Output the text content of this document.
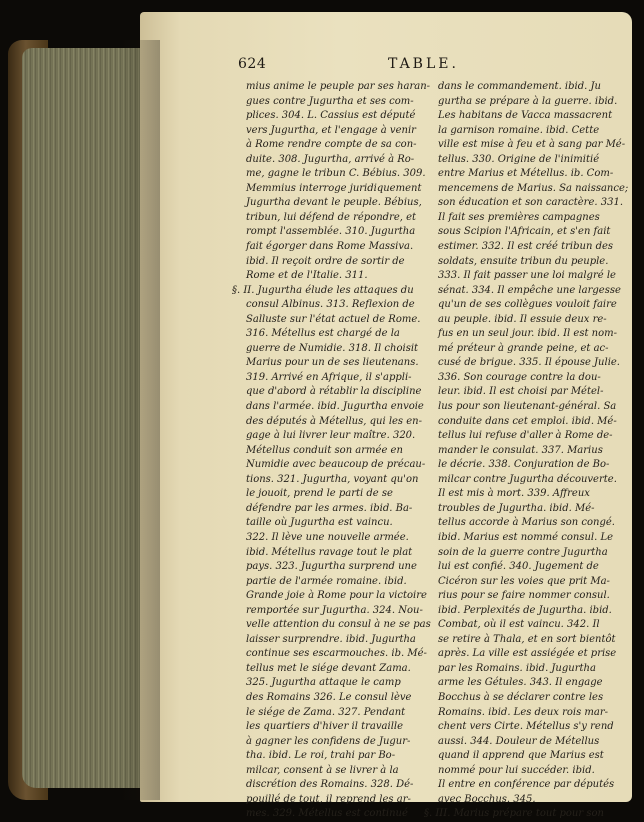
624	TABLE.
mius anime le peuple par ses haran-
gues contre Jugurtha et ses com-
plices. 304. L. Cassius est député
vers Jugurtha, et l'engage à venir
à Rome rendre compte de sa con-
duite. 308. Jugurtha, arrivé à Ro-
me, gagne le tribun C. Bébius. 309.
Memmius interroge juridiquement
Jugurtha devant le peuple. Bébius,
tribun, lui défend de répondre, et
rompt l'assemblée. 310. Jugurtha
fait égorger dans Rome Massiva.
ibid. Il reçoit ordre de sortir de
Rome et de l'Italie. 311.
§. II. Jugurtha élude les attaques du
consul Albinus. 313. Reflexion de
Salluste sur l'état actuel de Rome.
316. Métellus est chargé de la
guerre de Numidie. 318. Il choisit
Marius pour un de ses lieutenans.
319. Arrivé en Afrique, il s'appli-
que d'abord à rétablir la discipline
dans l'armée. ibid. Jugurtha envoie
des députés à Métellus, qui les en-
gage à lui livrer leur maître. 320.
Métellus conduit son armée en
Numidie avec beaucoup de précau-
tions. 321. Jugurtha, voyant qu'on
le jouoit, prend le parti de se
défendre par les armes. ibid. Ba-
taille où Jugurtha est vaincu.
322. Il lève une nouvelle armée.
ibid. Métellus ravage tout le plat
pays. 323. Jugurtha surprend une
partie de l'armée romaine. ibid.
Grande joie à Rome pour la victoire
remportée sur Jugurtha. 324. Nou-
velle attention du consul à ne se pas
laisser surprendre. ibid. Jugurtha
continue ses escarmouches. ib. Mé-
tellus met le siége devant Zama.
325. Jugurtha attaque le camp
des Romains 326. Le consul lève
le siége de Zama. 327. Pendant
les quartiers d'hiver il travaille
à gagner les confidens de Jugur-
tha. ibid. Le roi, trahi par Bo-
milcar, consent à se livrer à la
discrétion des Romains. 328. Dé-
pouillé de tout, il reprend les ar-
mes. 329. Métellus est continué
dans le commandement. ibid. Ju
gurtha se prépare à la guerre. ibid.
Les habitans de Vacca massacrent
la garnison romaine. ibid. Cette
ville est mise à feu et à sang par Mé-
tellus. 330. Origine de l'inimitié
entre Marius et Métellus. ib. Com-
mencemens de Marius. Sa naissance;
son éducation et son caractère. 331.
Il fait ses premières campagnes
sous Scipion l'Africain, et s'en fait
estimer. 332. Il est créé tribun des
soldats, ensuite tribun du peuple.
333. Il fait passer une loi malgré le
sénat. 334. Il empêche une largesse
qu'un de ses collègues vouloit faire
au peuple. ibid. Il essuie deux re-
fus en un seul jour. ibid. Il est nom-
mé préteur à grande peine, et ac-
cusé de brigue. 335. Il épouse Julie.
336. Son courage contre la dou-
leur. ibid. Il est choisi par Métel-
lus pour son lieutenant-général. Sa
conduite dans cet emploi. ibid. Mé-
tellus lui refuse d'aller à Rome de-
mander le consulat. 337. Marius
le décrie. 338. Conjuration de Bo-
milcar contre Jugurtha découverte.
Il est mis à mort. 339. Affreux
troubles de Jugurtha. ibid. Mé-
tellus accorde à Marius son congé.
ibid. Marius est nommé consul. Le
soin de la guerre contre Jugurtha
lui est confié. 340. Jugement de
Cicéron sur les voies que prit Ma-
rius pour se faire nommer consul.
ibid. Perplexités de Jugurtha. ibid.
Combat, où il est vaincu. 342. Il
se retire à Thala, et en sort bientôt
après. La ville est assiégée et prise
par les Romains. ibid. Jugurtha
arme les Gétules. 343. Il engage
Bocchus à se déclarer contre les
Romains. ibid. Les deux rois mar-
chent vers Cirte. Métellus s'y rend
aussi. 344. Douleur de Métellus
quand il apprend que Marius est
nommé pour lui succéder. ibid.
Il entre en conférence par députés
avec Bocchus. 345.
§. III. Marius prépare tout pour son
